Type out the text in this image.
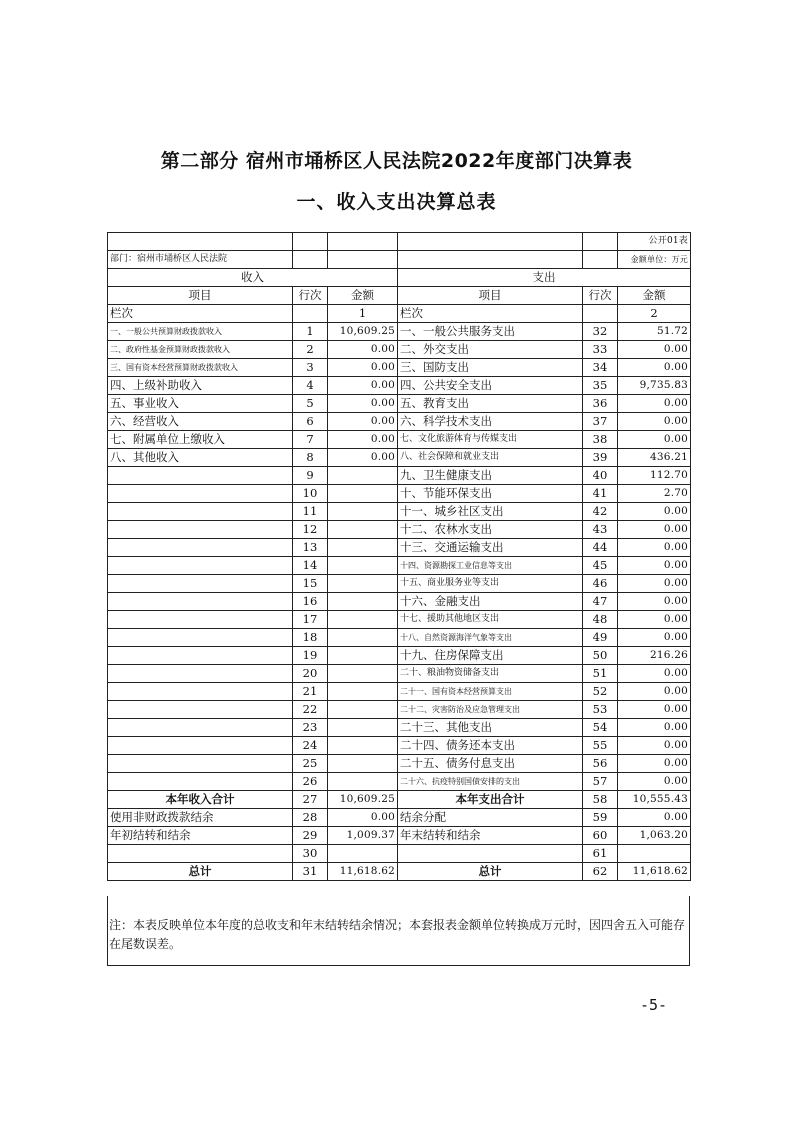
第二部分 宿州市埇桥区人民法院2022年度部门决算表
一、收入支出决算总表
					公开01表
部门：宿州市埇桥区人民法院					金额单位：万元
收入			支出		
项目	行次	金额	项目	行次	金额
栏次		1	栏次		2
一、一般公共预算财政拨款收入	1	10,609.25	一、一般公共服务支出	32	51.72
二、政府性基金预算财政拨款收入	2	0.00	二、外交支出	33	0.00
三、国有资本经营预算财政拨款收入	3	0.00	三、国防支出	34	0.00
四、上级补助收入	4	0.00	四、公共安全支出	35	9,735.83
五、事业收入	5	0.00	五、教育支出	36	0.00
六、经营收入	6	0.00	六、科学技术支出	37	0.00
七、附属单位上缴收入	7	0.00	七、文化旅游体育与传媒支出	38	0.00
八、其他收入	8	0.00	八、社会保障和就业支出	39	436.21
	9		九、卫生健康支出	40	112.70
	10		十、节能环保支出	41	2.70
	11		十一、城乡社区支出	42	0.00
	12		十二、农林水支出	43	0.00
	13		十三、交通运输支出	44	0.00
	14		十四、资源勘探工业信息等支出	45	0.00
	15		十五、商业服务业等支出	46	0.00
	16		十六、金融支出	47	0.00
	17		十七、援助其他地区支出	48	0.00
	18		十八、自然资源海洋气象等支出	49	0.00
	19		十九、住房保障支出	50	216.26
	20		二十、粮油物资储备支出	51	0.00
	21		二十一、国有资本经营预算支出	52	0.00
	22		二十二、灾害防治及应急管理支出	53	0.00
	23		二十三、其他支出	54	0.00
	24		二十四、债务还本支出	55	0.00
	25		二十五、债务付息支出	56	0.00
	26		二十六、抗疫特别国债安排的支出	57	0.00
本年收入合计	27	10,609.25	本年支出合计	58	10,555.43
使用非财政拨款结余	28	0.00	结余分配	59	0.00
年初结转和结余	29	1,009.37	年末结转和结余	60	1,063.20
	30			61	
总计	31	11,618.62	总计	62	11,618.62
注：本表反映单位本年度的总收支和年末结转结余情况；本套报表金额单位转换成万元时，因四舍五入可能存在尾数误差。
-5-
